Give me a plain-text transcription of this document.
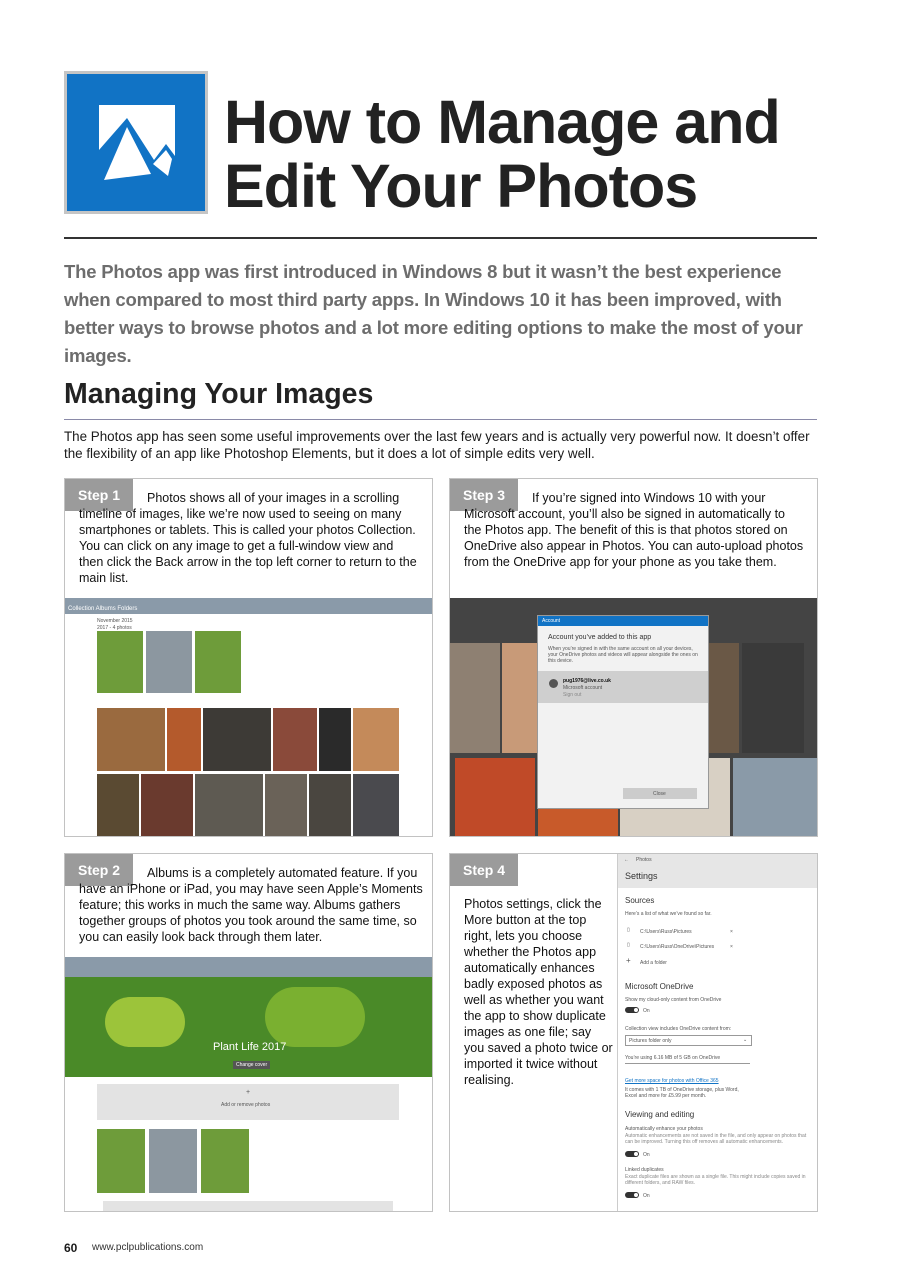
How to Manage and
Edit Your Photos
The Photos app was first introduced in Windows 8 but it wasn’t the best experience when compared to most third party apps. In Windows 10 it has been improved, with better ways to browse photos and a lot more editing options to make the most of your images.
Managing Your Images
The Photos app has seen some useful improvements over the last few years and is actually very powerful now. It doesn’t offer the flexibility of an app like Photoshop Elements, but it does a lot of simple edits very well.
Step 1	Photos shows all of your images in a scrolling timeline of images, like we’re now used to seeing on many smartphones or tablets. This is called your photos Collection. You can click on any image to get a full-window view and then click the Back arrow in the top left corner to return to the main list.
Collection Albums Folders
November 2015
2017 - 4 photos
Step 3	If you’re signed into Windows 10 with your Microsoft account, you’ll also be signed in automatically to the Photos app. The benefit of this is that photos stored on OneDrive also appear in Photos. You can auto-upload photos from the OneDrive app for your phone as you take them.
Account
Account you’ve added to this app
When you’re signed in with the same account on all your devices, your OneDrive photos and videos will appear alongside the ones on this device.
pug1976@live.co.uk
Microsoft account
Sign out
Close
Step 2	Albums is a completely automated feature. If you have an iPhone or iPad, you may have seen Apple’s Moments feature; this works in much the same way. Albums gathers together groups of photos you took around the same time, so you can easily look back through them later.
Plant Life 2017
Change cover
+
Add or remove photos
Step 4
Photos settings, click the More button at the top right, lets you choose whether the Photos app automatically enhances badly exposed photos as well as whether you want the app to show duplicate images as one file; say you saved a photo twice or imported it twice without realising.
← Photos
Settings
Sources
Here’s a list of what we’ve found so far.
▯ C:\Users\Russ\Pictures	×
▯ C:\Users\Russ\OneDrive\Pictures	×
+ Add a folder
Microsoft OneDrive
Show my cloud-only content from OneDrive
On
Collection view includes OneDrive content from:
Pictures folder only	⌄
You’re using 6.16 MB of 5 GB on OneDrive
Get more space for photos with Office 365
It comes with 1 TB of OneDrive storage, plus Word, Excel and more for £5.99 per month.
Viewing and editing
Automatically enhance your photos
Automatic enhancements are not saved in the file, and only appear on photos that can be improved. Turning this off removes all automatic enhancements.
On
Linked duplicates
Exact duplicate files are shown as a single file. This might include copies saved in different folders, and RAW files.
On
60 www.pclpublications.com
